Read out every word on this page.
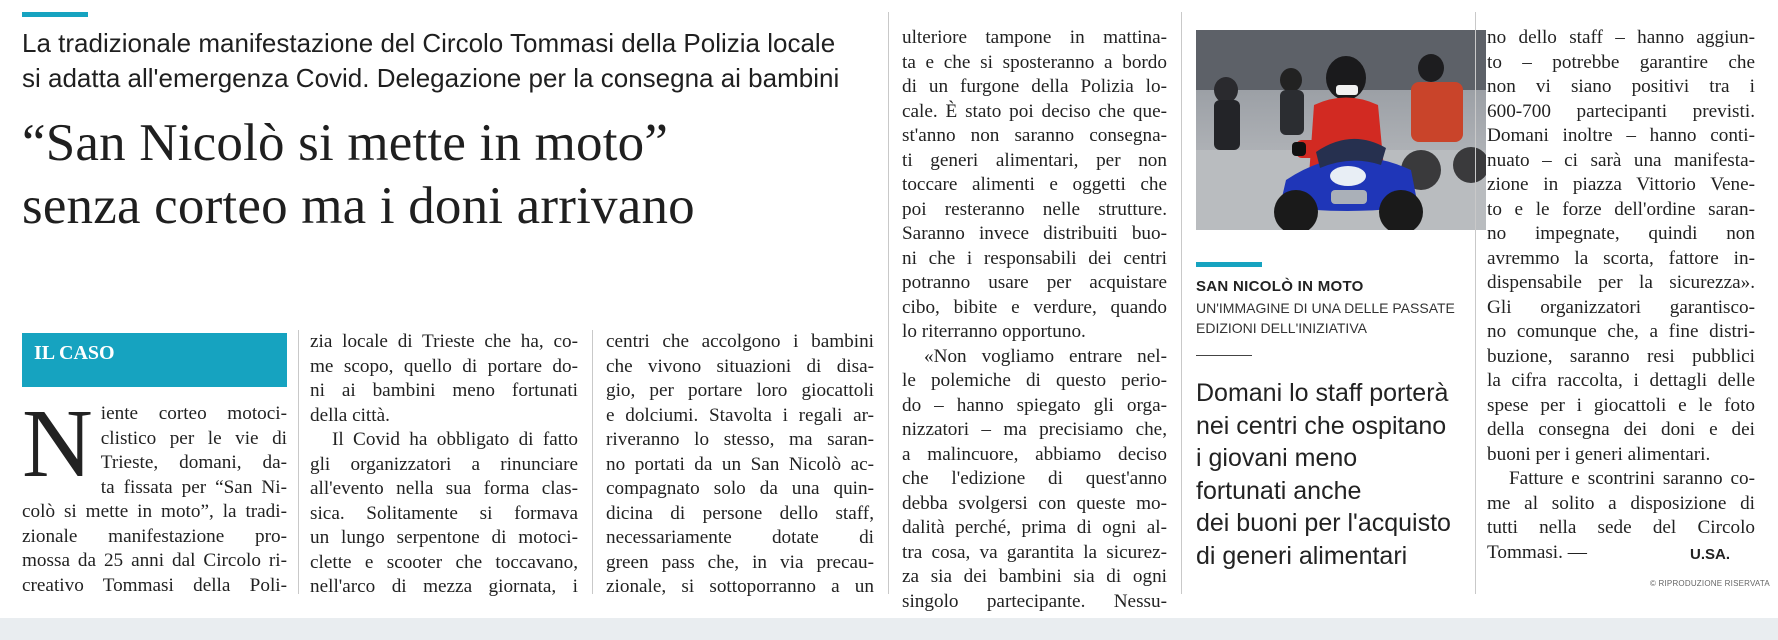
La tradizionale manifestazione del Circolo Tommasi della Polizia locale
si adatta all'emergenza Covid. Delegazione per la consegna ai bambini
“San Nicolò si mette in moto”
senza corteo ma i doni arrivano
IL CASO
N iente corteo motoci-
clistico per le vie di
Trieste, domani, da-
ta fissata per “San Ni-
colò si mette in moto”, la tradi-
zionale manifestazione pro-
mossa da 25 anni dal Circolo ri-
creativo Tommasi della Poli-
zia locale di Trieste che ha, co-
me scopo, quello di portare do-
ni ai bambini meno fortunati
della città.
Il Covid ha obbligato di fatto
gli organizzatori a rinunciare
all'evento nella sua forma clas-
sica. Solitamente si formava
un lungo serpentone di motoci-
clette e scooter che toccavano,
nell'arco di mezza giornata, i
centri che accolgono i bambini
che vivono situazioni di disa-
gio, per portare loro giocattoli
e dolciumi. Stavolta i regali ar-
riveranno lo stesso, ma saran-
no portati da un San Nicolò ac-
compagnato solo da una quin-
dicina di persone dello staff,
necessariamente dotate di
green pass che, in via precau-
zionale, si sottoporranno a un
ulteriore tampone in mattina-
ta e che si sposteranno a bordo
di un furgone della Polizia lo-
cale. È stato poi deciso che que-
st'anno non saranno consegna-
ti generi alimentari, per non
toccare alimenti e oggetti che
poi resteranno nelle strutture.
Saranno invece distribuiti buo-
ni che i responsabili dei centri
potranno usare per acquistare
cibo, bibite e verdure, quando
lo riterranno opportuno.
«Non vogliamo entrare nel-
le polemiche di questo perio-
do – hanno spiegato gli orga-
nizzatori – ma precisiamo che,
a malincuore, abbiamo deciso
che l'edizione di quest'anno
debba svolgersi con queste mo-
dalità perché, prima di ogni al-
tra cosa, va garantita la sicurez-
za sia dei bambini sia di ogni
singolo partecipante. Nessu-
SAN NICOLÒ IN MOTO
UN'IMMAGINE DI UNA DELLE PASSATE
EDIZIONI DELL'INIZIATIVA
Domani lo staff porterà
nei centri che ospitano
i giovani meno
fortunati anche
dei buoni per l'acquisto
di generi alimentari
no dello staff – hanno aggiun-
to – potrebbe garantire che
non vi siano positivi tra i
600-700 partecipanti previsti.
Domani inoltre – hanno conti-
nuato – ci sarà una manifesta-
zione in piazza Vittorio Vene-
to e le forze dell'ordine saran-
no impegnate, quindi non
avremmo la scorta, fattore in-
dispensabile per la sicurezza».
Gli organizzatori garantisco-
no comunque che, a fine distri-
buzione, saranno resi pubblici
la cifra raccolta, i dettagli delle
spese per i giocattoli e le foto
della consegna dei doni e dei
buoni per i generi alimentari.
Fatture e scontrini saranno co-
me al solito a disposizione di
tutti nella sede del Circolo
Tommasi. —	U.SA.
© RIPRODUZIONE RISERVATA
